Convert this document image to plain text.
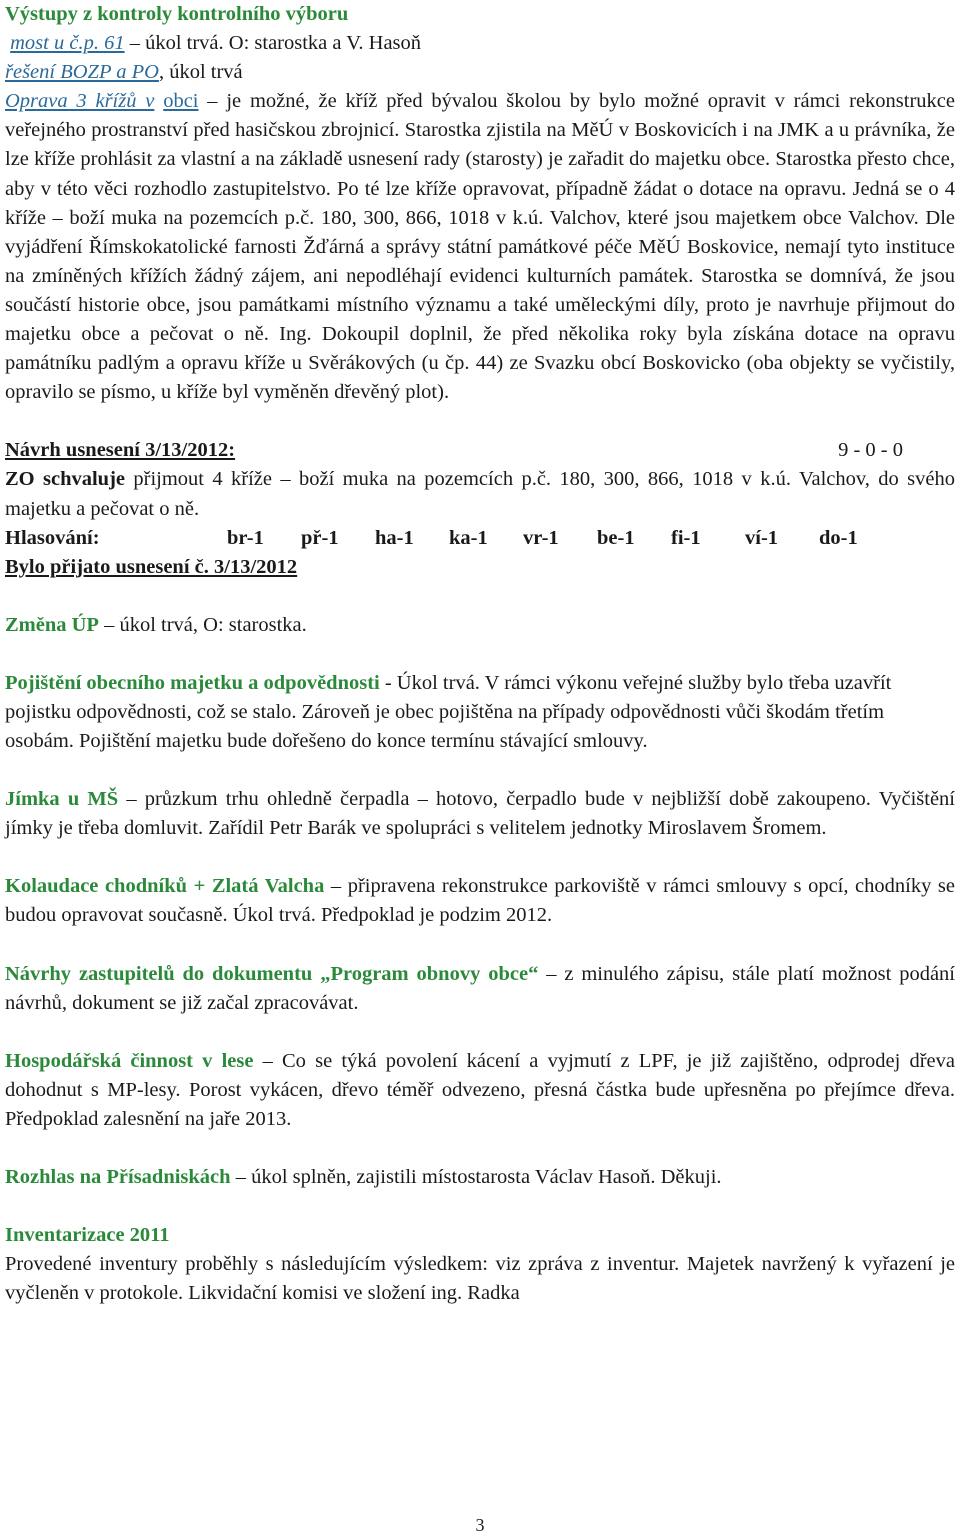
Výstupy z kontroly kontrolního výboru

most u č.p. 61 – úkol trvá. O: starostka a V. Hasoň

řešení BOZP a PO, úkol trvá

Oprava 3 křížů v obci – je možné, že kříž před bývalou školou by bylo možné opravit v rámci rekonstrukce veřejného prostranství před hasičskou zbrojnicí. Starostka zjistila na MěÚ v Boskovicích i na JMK a u právníka, že lze kříže prohlásit za vlastní a na základě usnesení rady (starosty) je zařadit do majetku obce. Starostka přesto chce, aby v této věci rozhodlo zastupitelstvo. Po té lze kříže opravovat, případně žádat o dotace na opravu. Jedná se o 4 kříže – boží muka na pozemcích p.č. 180, 300, 866, 1018 v k.ú. Valchov, které jsou majetkem obce Valchov. Dle vyjádření Římskokatolické farnosti Žďárná a správy státní památkové péče MěÚ Boskovice, nemají tyto instituce na zmíněných křížích žádný zájem, ani nepodléhají evidenci kulturních památek. Starostka se domnívá, že jsou součástí historie obce, jsou památkami místního významu a také uměleckými díly, proto je navrhuje přijmout do majetku obce a pečovat o ně. Ing. Dokoupil doplnil, že před několika roky byla získána dotace na opravu památníku padlým a opravu kříže u Svěrákových (u čp. 44) ze Svazku obcí Boskovicko (oba objekty se vyčistily, opravilo se písmo, u kříže byl vyměněn dřevěný plot).

Návrh usnesení 3/13/2012:	9 - 0 - 0

ZO schvaluje přijmout 4 kříže – boží muka na pozemcích p.č. 180, 300, 866, 1018 v k.ú. Valchov, do svého majetku a pečovat o ně.

Hlasování:	br-1	př-1	ha-1	ka-1	vr-1	be-1	fi-1	ví-1	do-1

Bylo přijato usnesení č. 3/13/2012

Změna ÚP – úkol trvá, O: starostka.

Pojištění obecního majetku a odpovědnosti - Úkol trvá. V rámci výkonu veřejné služby bylo třeba uzavřít pojistku odpovědnosti, což se stalo. Zároveň je obec pojištěna na případy odpovědnosti vůči škodám třetím osobám. Pojištění majetku bude dořešeno do konce termínu stávající smlouvy.

Jímka u MŠ – průzkum trhu ohledně čerpadla – hotovo, čerpadlo bude v nejbližší době zakoupeno. Vyčištění jímky je třeba domluvit. Zařídil Petr Barák ve spolupráci s velitelem jednotky Miroslavem Šromem.

Kolaudace chodníků + Zlatá Valcha – připravena rekonstrukce parkoviště v rámci smlouvy s opcí, chodníky se budou opravovat současně. Úkol trvá. Předpoklad je podzim 2012.

Návrhy zastupitelů do dokumentu „Program obnovy obce“ – z minulého zápisu, stále platí možnost podání návrhů, dokument se již začal zpracovávat.

Hospodářská činnost v lese – Co se týká povolení kácení a vyjmutí z LPF, je již zajištěno, odprodej dřeva dohodnut s MP-lesy. Porost vykácen, dřevo téměř odvezeno, přesná částka bude upřesněna po přejímce dřeva. Předpoklad zalesnění na jaře 2013.

Rozhlas na Přísadniskách – úkol splněn, zajistili místostarosta Václav Hasoň. Děkuji.

Inventarizace 2011

Provedené inventury proběhly s následujícím výsledkem: viz zpráva z inventur. Majetek navržený k vyřazení je vyčleněn v protokole. Likvidační komisi ve složení ing. Radka

3
